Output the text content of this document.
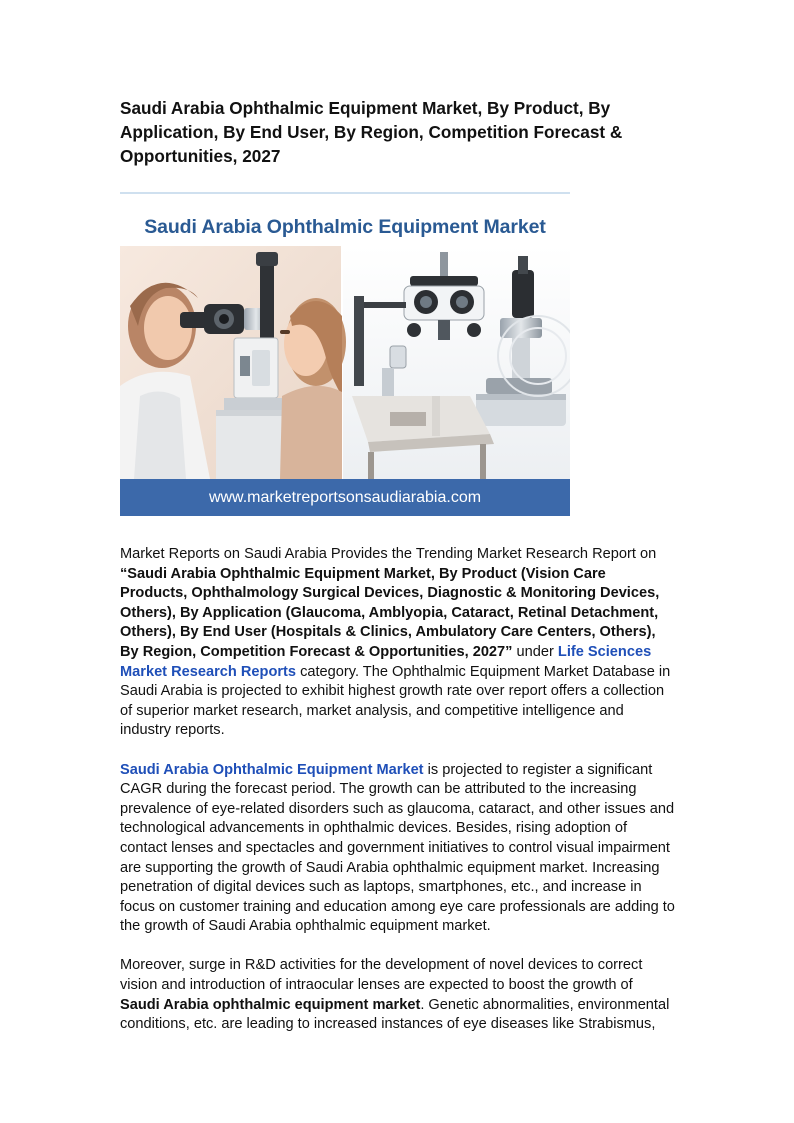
Saudi Arabia Ophthalmic Equipment Market, By Product, By Application, By End User, By Region, Competition Forecast & Opportunities, 2027
Saudi Arabia Ophthalmic Equipment Market
www.marketreportsonsaudiarabia.com

Market Reports on Saudi Arabia Provides the Trending Market Research Report on “Saudi Arabia Ophthalmic Equipment Market, By Product (Vision Care Products, Ophthalmology Surgical Devices, Diagnostic & Monitoring Devices, Others), By Application (Glaucoma, Amblyopia, Cataract, Retinal Detachment, Others), By End User (Hospitals & Clinics, Ambulatory Care Centers, Others), By Region, Competition Forecast & Opportunities, 2027” under Life Sciences Market Research Reports category. The Ophthalmic Equipment Market Database in Saudi Arabia is projected to exhibit highest growth rate over report offers a collection of superior market research, market analysis, and competitive intelligence and industry reports.

Saudi Arabia Ophthalmic Equipment Market is projected to register a significant CAGR during the forecast period. The growth can be attributed to the increasing prevalence of eye-related disorders such as glaucoma, cataract, and other issues and technological advancements in ophthalmic devices. Besides, rising adoption of contact lenses and spectacles and government initiatives to control visual impairment are supporting the growth of Saudi Arabia ophthalmic equipment market. Increasing penetration of digital devices such as laptops, smartphones, etc., and increase in focus on customer training and education among eye care professionals are adding to the growth of Saudi Arabia ophthalmic equipment market.

Moreover, surge in R&D activities for the development of novel devices to correct vision and introduction of intraocular lenses are expected to boost the growth of Saudi Arabia ophthalmic equipment market. Genetic abnormalities, environmental conditions, etc. are leading to increased instances of eye diseases like Strabismus,
